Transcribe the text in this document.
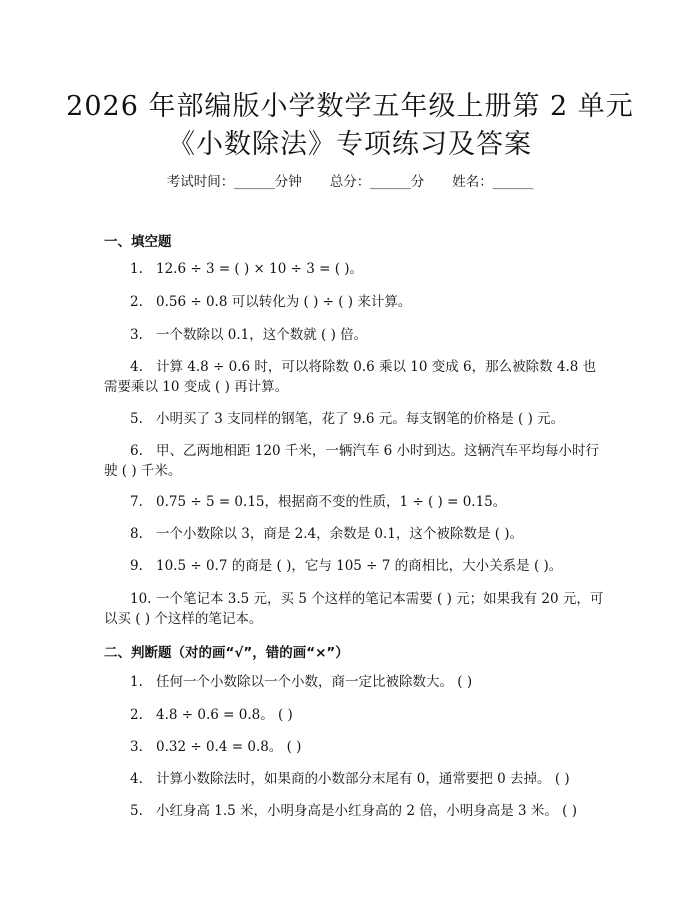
2026 年部编版小学数学五年级上册第 2 单元
《小数除法》专项练习及答案
考试时间：______分钟 总分：______分 姓名：______
一、填空题
1. 12.6 ÷ 3 = ( ) × 10 ÷ 3 = ( )。
2. 0.56 ÷ 0.8 可以转化为 ( ) ÷ ( ) 来计算。
3. 一个数除以 0.1，这个数就 ( ) 倍。
4. 计算 4.8 ÷ 0.6 时，可以将除数 0.6 乘以 10 变成 6，那么被除数 4.8 也需要乘以 10 变成 ( ) 再计算。
5. 小明买了 3 支同样的钢笔，花了 9.6 元。每支钢笔的价格是 ( ) 元。
6. 甲、乙两地相距 120 千米，一辆汽车 6 小时到达。这辆汽车平均每小时行驶 ( ) 千米。
7. 0.75 ÷ 5 = 0.15，根据商不变的性质，1 ÷ ( ) = 0.15。
8. 一个小数除以 3，商是 2.4，余数是 0.1，这个被除数是 ( )。
9. 10.5 ÷ 0.7 的商是 ( )，它与 105 ÷ 7 的商相比，大小关系是 ( )。
10. 一个笔记本 3.5 元，买 5 个这样的笔记本需要 ( ) 元；如果我有 20 元，可以买 ( ) 个这样的笔记本。
二、判断题（对的画“√”，错的画“×”）
1. 任何一个小数除以一个小数，商一定比被除数大。 ( )
2. 4.8 ÷ 0.6 = 0.8。 ( )
3. 0.32 ÷ 0.4 = 0.8。 ( )
4. 计算小数除法时，如果商的小数部分末尾有 0，通常要把 0 去掉。 ( )
5. 小红身高 1.5 米，小明身高是小红身高的 2 倍，小明身高是 3 米。 ( )
